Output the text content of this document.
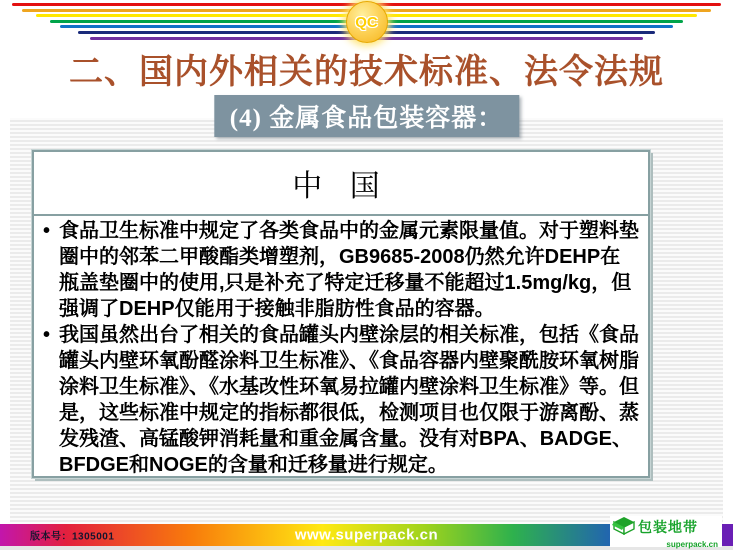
QC
二、国内外相关的技术标准、法令法规
(4) 金属食品包装容器：
中 国
• 食品卫生标准中规定了各类食品中的金属元素限量值。对于塑料垫圈中的邻苯二甲酸酯类增塑剂，GB9685-2008仍然允许DEHP在瓶盖垫圈中的使用,只是补充了特定迁移量不能超过1.5mg/kg，但强调了DEHP仅能用于接触非脂肪性食品的容器。
• 我国虽然出台了相关的食品罐头内壁涂层的相关标准，包括《食品罐头内壁环氧酚醛涂料卫生标准》、《食品容器内壁聚酰胺环氧树脂涂料卫生标准》、《水基改性环氧易拉罐内壁涂料卫生标准》等。但是，这些标准中规定的指标都很低，检测项目也仅限于游离酚、蒸发残渣、高锰酸钾消耗量和重金属含量。没有对BPA、BADGE、BFDGE和NOGE的含量和迁移量进行规定。
版本号：1305001	www.superpack.cn	包装地带
superpack.cn
